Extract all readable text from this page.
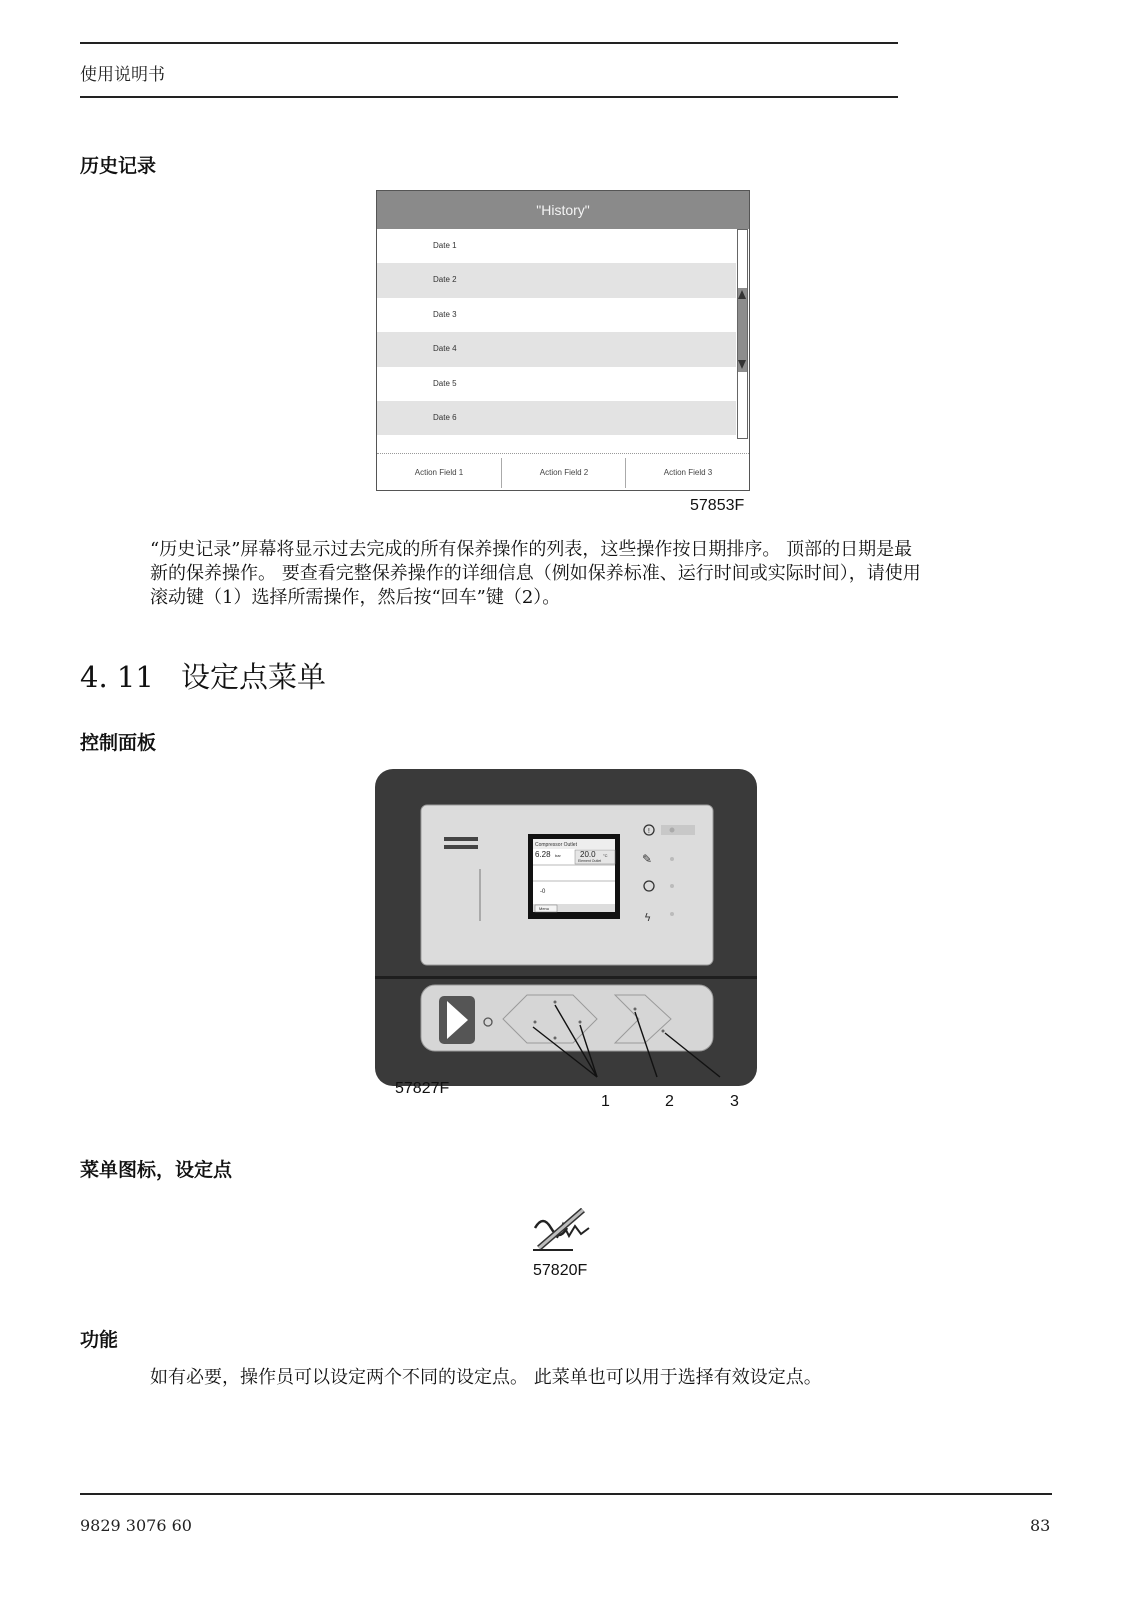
使用说明书
历史记录
"History"
Date 1
Date 2
Date 3
Date 4
Date 5
Date 6
Action Field 1	Action Field 2	Action Field 3
57853F
“历史记录”屏幕将显示过去完成的所有保养操作的列表，这些操作按日期排序。 顶部的日期是最
新的保养操作。 要查看完整保养操作的详细信息（例如保养标准、运行时间或实际时间），请使用
滚动键（1）选择所需操作，然后按“回车”键（2）。
4. 11 设定点菜单
控制面板
Compressor Outlet
6.28 bar 20.0 °C
Element Outlet
-0
Menu
!
✎
ϟ
57827F
1	2	3
菜单图标，设定点
57820F
功能
如有必要，操作员可以设定两个不同的设定点。 此菜单也可以用于选择有效设定点。
9829 3076 60	83
